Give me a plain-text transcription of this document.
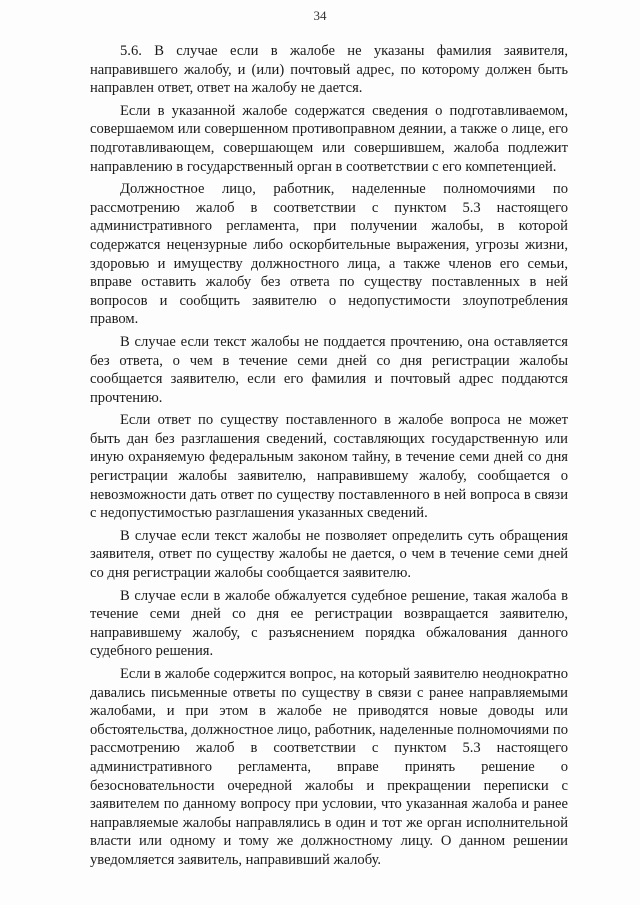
34

5.6. В случае если в жалобе не указаны фамилия заявителя, направившего жалобу, и (или) почтовый адрес, по которому должен быть направлен ответ, ответ на жалобу не дается.

Если в указанной жалобе содержатся сведения о подготавливаемом, совершаемом или совершенном противоправном деянии, а также о лице, его подготавливающем, совершающем или совершившем, жалоба подлежит направлению в государственный орган в соответствии с его компетенцией.

Должностное лицо, работник, наделенные полномочиями по рассмотрению жалоб в соответствии с пунктом 5.3 настоящего административного регламента, при получении жалобы, в которой содержатся нецензурные либо оскорбительные выражения, угрозы жизни, здоровью и имуществу должностного лица, а также членов его семьи, вправе оставить жалобу без ответа по существу поставленных в ней вопросов и сообщить заявителю о недопустимости злоупотребления правом.

В случае если текст жалобы не поддается прочтению, она оставляется без ответа, о чем в течение семи дней со дня регистрации жалобы сообщается заявителю, если его фамилия и почтовый адрес поддаются прочтению.

Если ответ по существу поставленного в жалобе вопроса не может быть дан без разглашения сведений, составляющих государственную или иную охраняемую федеральным законом тайну, в течение семи дней со дня регистрации жалобы заявителю, направившему жалобу, сообщается о невозможности дать ответ по существу поставленного в ней вопроса в связи с недопустимостью разглашения указанных сведений.

В случае если текст жалобы не позволяет определить суть обращения заявителя, ответ по существу жалобы не дается, о чем в течение семи дней со дня регистрации жалобы сообщается заявителю.

В случае если в жалобе обжалуется судебное решение, такая жалоба в течение семи дней со дня ее регистрации возвращается заявителю, направившему жалобу, с разъяснением порядка обжалования данного судебного решения.

Если в жалобе содержится вопрос, на который заявителю неоднократно давались письменные ответы по существу в связи с ранее направляемыми жалобами, и при этом в жалобе не приводятся новые доводы или обстоятельства, должностное лицо, работник, наделенные полномочиями по рассмотрению жалоб в соответствии с пунктом 5.3 настоящего административного регламента, вправе принять решение о безосновательности очередной жалобы и прекращении переписки с заявителем по данному вопросу при условии, что указанная жалоба и ранее направляемые жалобы направлялись в один и тот же орган исполнительной власти или одному и тому же должностному лицу. О данном решении уведомляется заявитель, направивший жалобу.
